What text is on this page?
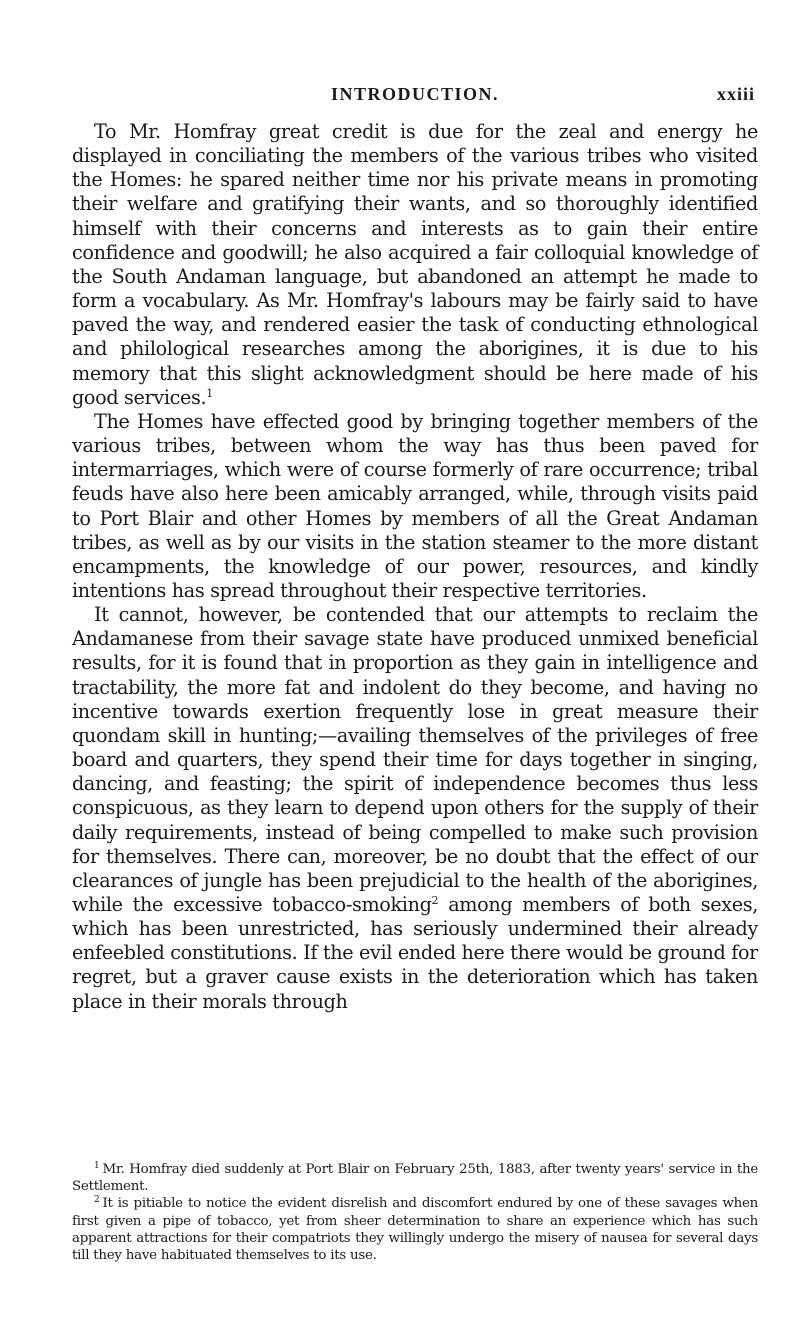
INTRODUCTION.	xxiii

To Mr. Homfray great credit is due for the zeal and energy he displayed in conciliating the members of the various tribes who visited the Homes: he spared neither time nor his private means in promoting their welfare and gratifying their wants, and so thoroughly identified himself with their concerns and interests as to gain their entire confidence and goodwill; he also acquired a fair colloquial knowledge of the South Andaman language, but abandoned an attempt he made to form a vocabulary. As Mr. Homfray's labours may be fairly said to have paved the way, and rendered easier the task of conducting ethnological and philological researches among the aborigines, it is due to his memory that this slight acknowledgment should be here made of his good services.$^1$

The Homes have effected good by bringing together members of the various tribes, between whom the way has thus been paved for intermarriages, which were of course formerly of rare occurrence; tribal feuds have also here been amicably arranged, while, through visits paid to Port Blair and other Homes by members of all the Great Andaman tribes, as well as by our visits in the station steamer to the more distant encampments, the knowledge of our power, resources, and kindly intentions has spread throughout their respective territories.

It cannot, however, be contended that our attempts to reclaim the Andamanese from their savage state have produced unmixed beneficial results, for it is found that in proportion as they gain in intelligence and tractability, the more fat and indolent do they become, and having no incentive towards exertion frequently lose in great measure their quondam skill in hunting;—availing themselves of the privileges of free board and quarters, they spend their time for days together in singing, dancing, and feasting; the spirit of independence becomes thus less conspicuous, as they learn to depend upon others for the supply of their daily requirements, instead of being compelled to make such provision for themselves. There can, moreover, be no doubt that the effect of our clearances of jungle has been prejudicial to the health of the aborigines, while the excessive tobacco-smoking$^2$ among members of both sexes, which has been unrestricted, has seriously undermined their already enfeebled constitutions. If the evil ended here there would be ground for regret, but a graver cause exists in the deterioration which has taken place in their morals through

$^1$ Mr. Homfray died suddenly at Port Blair on February 25th, 1883, after twenty years' service in the Settlement.

$^2$ It is pitiable to notice the evident disrelish and discomfort endured by one of these savages when first given a pipe of tobacco, yet from sheer determination to share an experience which has such apparent attractions for their compatriots they willingly undergo the misery of nausea for several days till they have habituated themselves to its use.
